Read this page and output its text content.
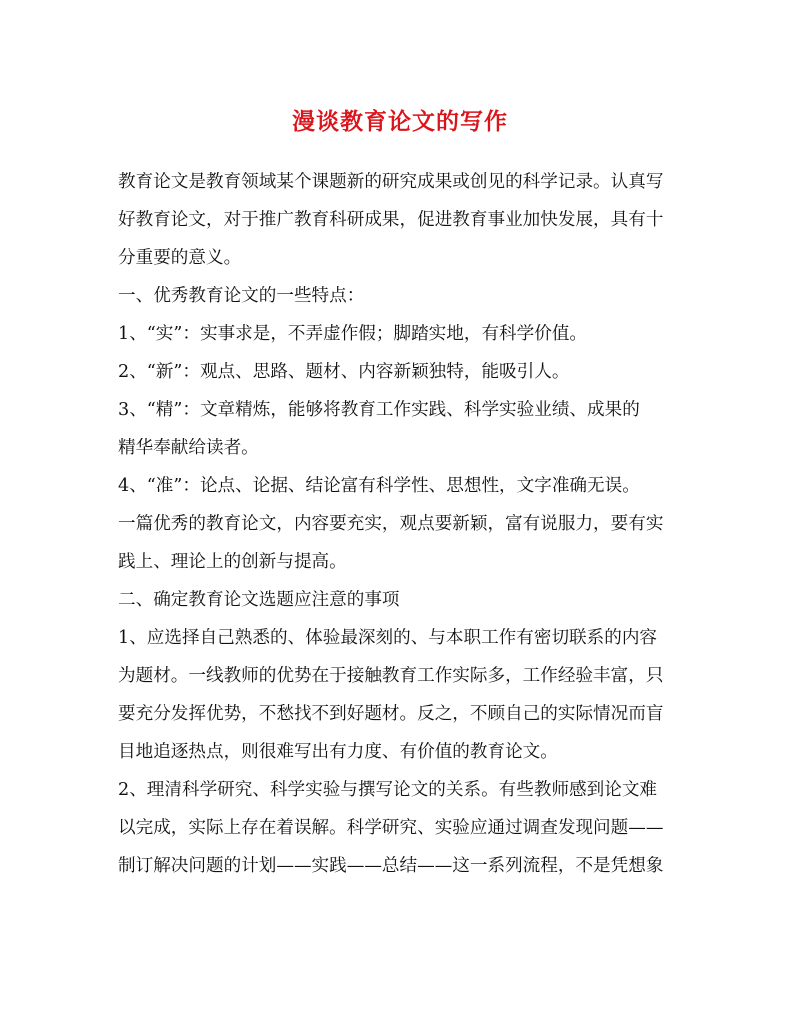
漫谈教育论文的写作
教育论文是教育领域某个课题新的研究成果或创见的科学记录。认真写
好教育论文，对于推广教育科研成果，促进教育事业加快发展，具有十
分重要的意义。
一、优秀教育论文的一些特点：
1、“实”：实事求是，不弄虚作假；脚踏实地，有科学价值。
2、“新”：观点、思路、题材、内容新颖独特，能吸引人。
3、“精”：文章精炼，能够将教育工作实践、科学实验业绩、成果的
精华奉献给读者。
4、“准”：论点、论据、结论富有科学性、思想性，文字准确无误。
一篇优秀的教育论文，内容要充实，观点要新颖，富有说服力，要有实
践上、理论上的创新与提高。
二、确定教育论文选题应注意的事项
1、应选择自己熟悉的、体验最深刻的、与本职工作有密切联系的内容
为题材。一线教师的优势在于接触教育工作实际多，工作经验丰富，只
要充分发挥优势，不愁找不到好题材。反之，不顾自己的实际情况而盲
目地追逐热点，则很难写出有力度、有价值的教育论文。
2、理清科学研究、科学实验与撰写论文的关系。有些教师感到论文难
以完成，实际上存在着误解。科学研究、实验应通过调查发现问题——
制订解决问题的计划——实践——总结——这一系列流程，不是凭想象
